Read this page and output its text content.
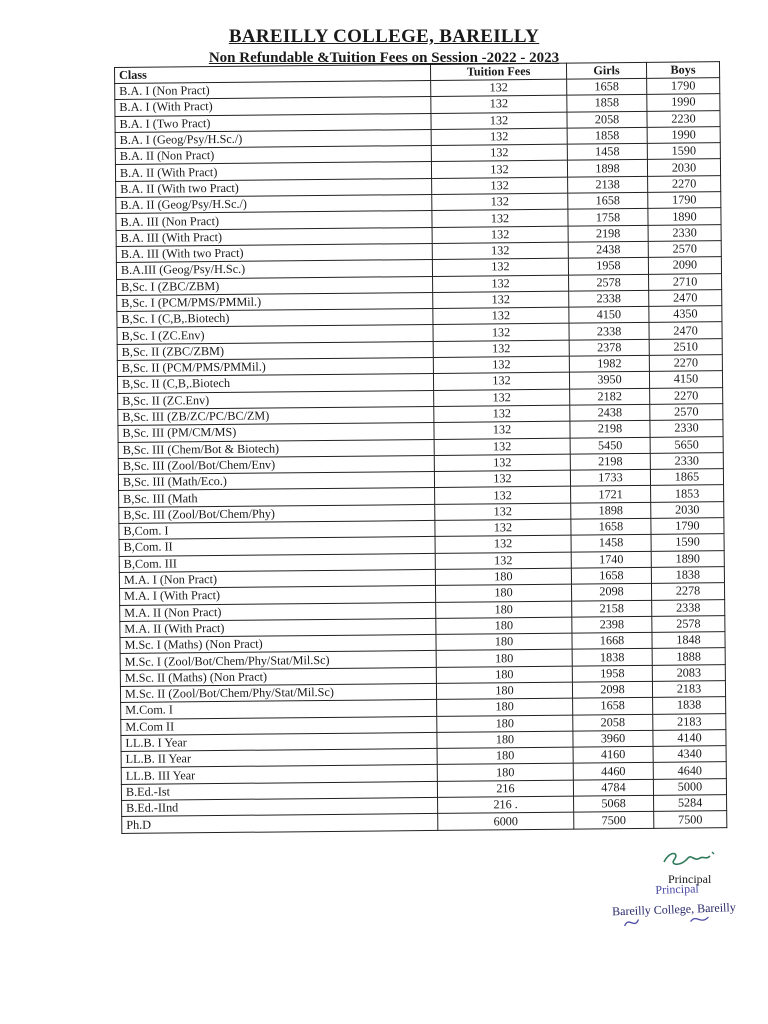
BAREILLY COLLEGE, BAREILLY
Non Refundable &Tuition Fees on Session -2022 - 2023
Class	Tuition Fees	Girls	Boys
B.A. I (Non Pract)	132	1658	1790
B.A. I (With Pract)	132	1858	1990
B.A. I (Two Pract)	132	2058	2230
B.A. I (Geog/Psy/H.Sc./)	132	1858	1990
B.A. II (Non Pract)	132	1458	1590
B.A. II (With Pract)	132	1898	2030
B.A. II (With two Pract)	132	2138	2270
B.A. II (Geog/Psy/H.Sc./)	132	1658	1790
B.A. III (Non Pract)	132	1758	1890
B.A. III (With Pract)	132	2198	2330
B.A. III (With two Pract)	132	2438	2570
B.A.III (Geog/Psy/H.Sc.)	132	1958	2090
B,Sc. I (ZBC/ZBM)	132	2578	2710
B,Sc. I (PCM/PMS/PMMil.)	132	2338	2470
B,Sc. I (C,B,.Biotech)	132	4150	4350
B,Sc. I (ZC.Env)	132	2338	2470
B,Sc. II (ZBC/ZBM)	132	2378	2510
B,Sc. II (PCM/PMS/PMMil.)	132	1982	2270
B,Sc. II (C,B,.Biotech	132	3950	4150
B,Sc. II (ZC.Env)	132	2182	2270
B,Sc. III (ZB/ZC/PC/BC/ZM)	132	2438	2570
B,Sc. III (PM/CM/MS)	132	2198	2330
B,Sc. III (Chem/Bot & Biotech)	132	5450	5650
B,Sc. III (Zool/Bot/Chem/Env)	132	2198	2330
B,Sc. III (Math/Eco.)	132	1733	1865
B,Sc. III (Math	132	1721	1853
B,Sc. III (Zool/Bot/Chem/Phy)	132	1898	2030
B,Com. I	132	1658	1790
B,Com. II	132	1458	1590
B,Com. III	132	1740	1890
M.A. I (Non Pract)	180	1658	1838
M.A. I (With Pract)	180	2098	2278
M.A. II (Non Pract)	180	2158	2338
M.A. II (With Pract)	180	2398	2578
M.Sc. I (Maths) (Non Pract)	180	1668	1848
M.Sc. I (Zool/Bot/Chem/Phy/Stat/Mil.Sc)	180	1838	1888
M.Sc. II (Maths) (Non Pract)	180	1958	2083
M.Sc. II (Zool/Bot/Chem/Phy/Stat/Mil.Sc)	180	2098	2183
M.Com. I	180	1658	1838
M.Com II	180	2058	2183
LL.B. I Year	180	3960	4140
LL.B. II Year	180	4160	4340
LL.B. III Year	180	4460	4640
B.Ed.-Ist	216	4784	5000
B.Ed.-IInd	216 .	5068	5284
Ph.D	6000	7500	7500
Principal
Principal
Bareilly College, Bareilly
